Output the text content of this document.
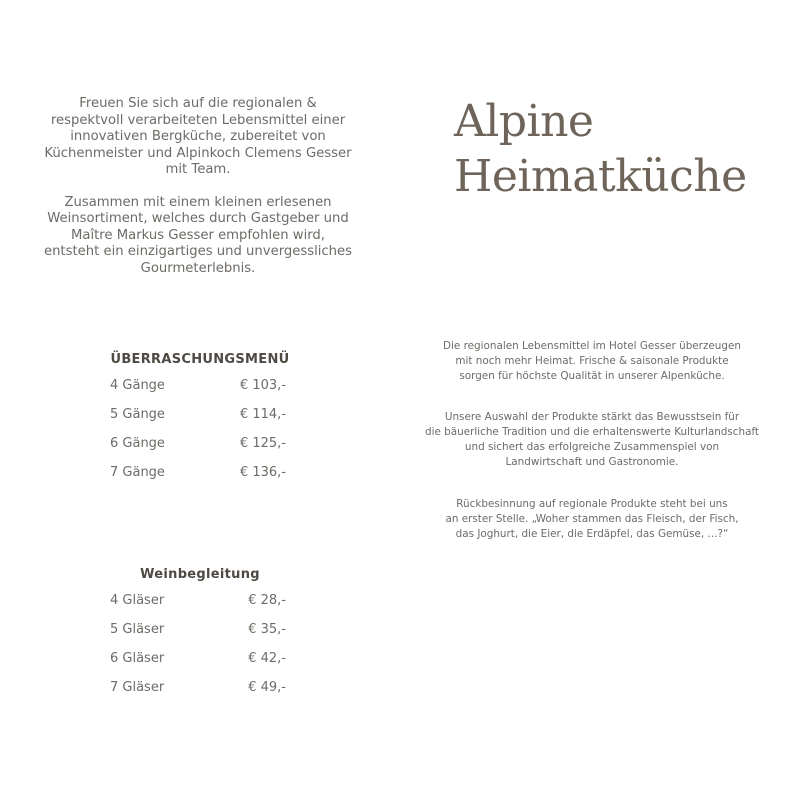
Freuen Sie sich auf die regionalen &
respektvoll verarbeiteten Lebensmittel einer
innovativen Bergküche, zubereitet von
Küchenmeister und Alpinkoch Clemens Gesser
mit Team.

Zusammen mit einem kleinen erlesenen
Weinsortiment, welches durch Gastgeber und
Maître Markus Gesser empfohlen wird,
entsteht ein einzigartiges und unvergessliches
Gourmeterlebnis.

Alpine
Heimatküche
ÜBERRASCHUNGSMENÜ
4 Gänge	€ 103,-
5 Gänge	€ 114,-
6 Gänge	€ 125,-
7 Gänge	€ 136,-
Weinbegleitung
4 Gläser	€ 28,-
5 Gläser	€ 35,-
6 Gläser	€ 42,-
7 Gläser	€ 49,-

Die regionalen Lebensmittel im Hotel Gesser überzeugen
mit noch mehr Heimat. Frische & saisonale Produkte
sorgen für höchste Qualität in unserer Alpenküche.

Unsere Auswahl der Produkte stärkt das Bewusstsein für
die bäuerliche Tradition und die erhaltenswerte Kulturlandschaft
und sichert das erfolgreiche Zusammenspiel von
Landwirtschaft und Gastronomie.

Rückbesinnung auf regionale Produkte steht bei uns
an erster Stelle. „Woher stammen das Fleisch, der Fisch,
das Joghurt, die Eier, die Erdäpfel, das Gemüse, ...?“
